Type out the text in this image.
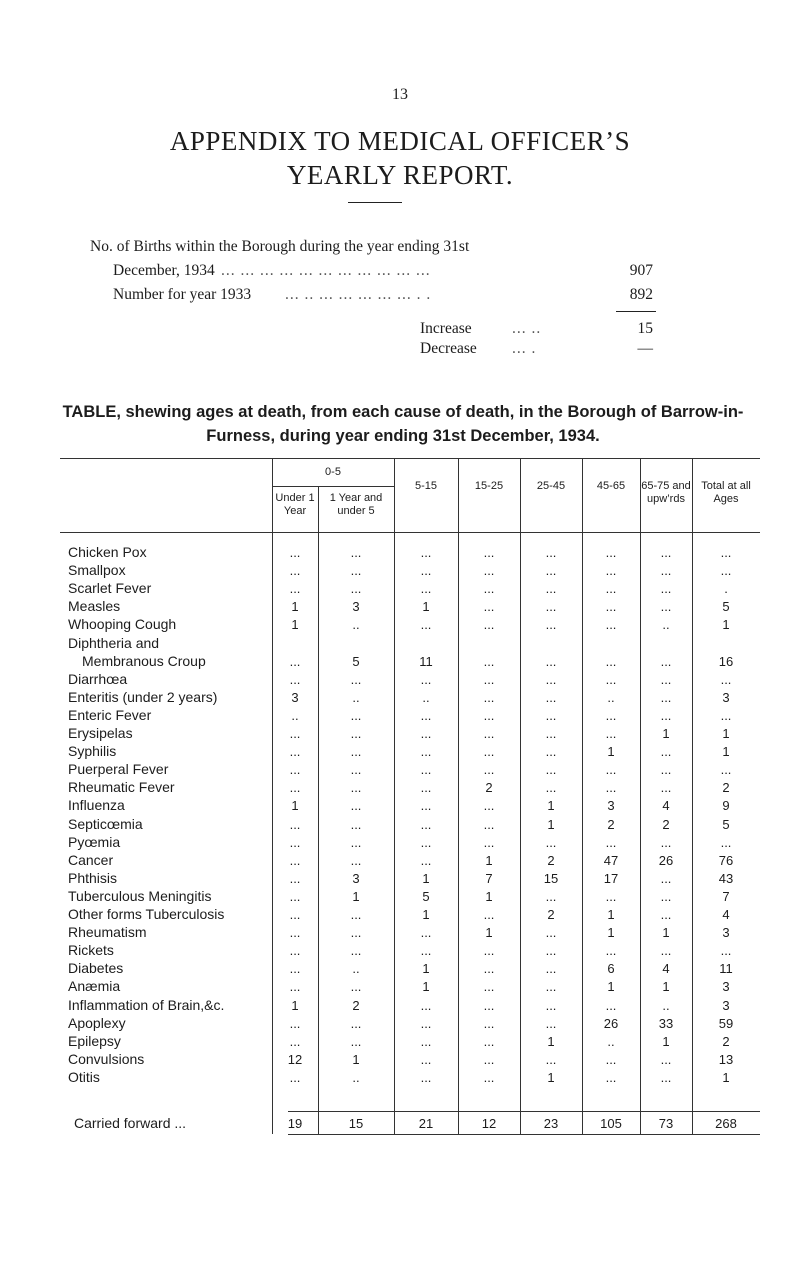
13
APPENDIX TO MEDICAL OFFICER’S
YEARLY REPORT.
No. of Births within the Borough during the year ending 31st
December, 1934 ... ... ... ... ... ... ... ... ... ... ...	907
Number for year 1933 ... .. ... ... ... ... ... . .	892
Increase	... ..	15
Decrease ... .	—
TABLE, shewing ages at death, from each cause of death, in the Borough of Barrow-in-Furness, during year ending 31st December, 1934.
0-5
Under 1 Year
1 Year and under 5
5-15	15-25	25-45	45-65	65-75 and upw’rds
Total at all Ages
Chicken Pox	...	...	...	...	...	...	...	...
Smallpox	...	...	...	...	...	...	...	...
Scarlet Fever	...	...	...	...	...	...	...	.
Measles	1	3	1	...	...	...	...	5
Whooping Cough	1	..	...	...	...	...	..	1
Diphtheria and
Membranous Croup	...	5	11	...	...	...	...	16
Diarrhœa	...	...	...	...	...	...	...	...
Enteritis (under 2 years)	3	..	..	...	...	..	...	3
Enteric Fever	..	...	...	...	...	...	...	...
Erysipelas	...	...	...	...	...	...	1	1
Syphilis	...	...	...	...	...	1	...	1
Puerperal Fever	...	...	...	...	...	...	...	...
Rheumatic Fever	...	...	...	2	...	...	...	2
Influenza	1	...	...	...	1	3	4	9
Septicœmia	...	...	...	...	1	2	2	5
Pyœmia	...	...	...	...	...	...	...	...
Cancer	...	...	...	1	2	47	26	76
Phthisis	...	3	1	7	15	17	...	43
Tuberculous Meningitis	...	1	5	1	...	...	...	7
Other forms Tuberculosis	...	...	1	...	2	1	...	4
Rheumatism	...	...	...	1	...	1	1	3
Rickets	...	...	...	...	...	...	...	...
Diabetes	...	..	1	...	...	6	4	11
Anæmia	...	...	1	...	...	1	1	3
Inflammation of Brain,&c.	1	2	...	...	...	...	..	3
Apoplexy	...	...	...	...	...	26	33	59
Epilepsy	...	...	...	...	1	..	1	2
Convulsions	12	1	...	...	...	...	...	13
Otitis	...	..	...	...	1	...	...	1
Carried forward ...	19	15	21	12	23	105	73	268
